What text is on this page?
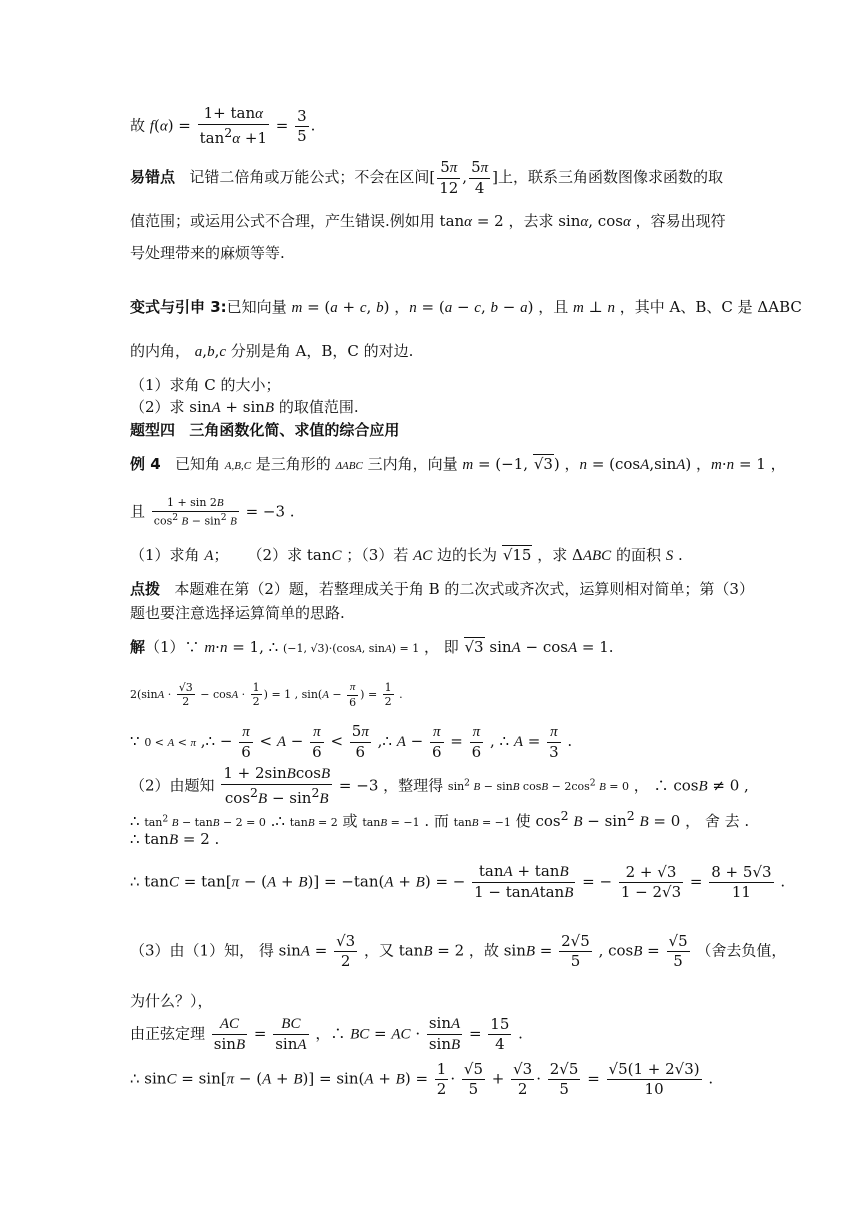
故 $f(\alpha) = \frac{1+ \tan\alpha}{\tan^2\alpha +1} = \frac{3}{5}$ .
易错点   记错二倍角或万能公式；不会在区间[ $\frac{5\pi}{12}$ , $\frac{5\pi}{4}$ ]上，联系三角函数图像求函数的取
值范围；或运用公式不合理，产生错误.例如用 tanα = 2 ，去求 sinα, cosα ，容易出现符
号处理带来的麻烦等等.
变式与引申 3:已知向量 m = (a + c, b) ，n = (a − c, b − a) ，且 m ⊥ n ，其中 A、B、C 是 ΔABC
的内角， a,b,c 分别是角 A，B，C 的对边.
（1）求角 C 的大小；
（2）求 sinA + sinB 的取值范围.
题型四 三角函数化简、求值的综合应用
例 4   已知角 A,B,C 是三角形的 ΔABC 三内角，向量 m = (−1, √3) ，n = (cosA,sinA) ，m·n = 1 ，
且 $\frac{1 + \sin 2B}{\cos^2 B - \sin^2 B} = -3$ .
（1）求角 A；    （2）求 tanC ；（3）若 AC 边的长为 √15 ，求 ΔABC 的面积 S .
点拨 本题难在第（2）题，若整理成关于角 B 的二次式或齐次式，运算则相对简单；第（3）
题也要注意选择运算简单的思路.
解（1）∵ m·n = 1, ∴ (−1, √3)·(cosA, sinA) = 1 ， 即 √3 sinA − cosA = 1.
$2(\sin A \cdot \frac{√3}{2} - \cos A \cdot \frac{1}{2}$ ) = 1 , $\sin(A - \frac{\pi}{6}$ ) = $\frac{1}{2}$ .
∵ 0 < A < π ,∴ − $\frac{\pi}{6} < A - \frac{\pi}{6} < \frac{5\pi}{6}$ ,∴ $A - \frac{\pi}{6} = \frac{\pi}{6}$ , ∴ $A = \frac{\pi}{3}$ .
（2）由题知 $\frac{\text{1 + 2sinBcosB}}{\cos^2B - \sin^2B} = -3$ ，整理得 $\sin^2 B - \sin B$ $\cos B - 2\cos^2$ B = 0 ， ∴ cosB ≠ 0 ,
∴ $\tan^2 B - \tan B - 2 = 0$ .∴ tanB = 2 或 tanB = −1 . 而 tanB = −1 使 $\cos^2 B - \sin^2 B = 0$ ， 舍 去 .
∴ tanB = 2 .
∴ tanC = tan[π − (A + B)] = −tan(A + B) = − $\frac{\tan A + \tan B}{\text{1 − tanAtanB}}$ = − $\frac{2 + √3}{1 - 2√3} = \frac{8 + 5√3}{11}$ .
（3）由（1）知， 得 $\sin A = \frac{√3}{2}$ ，又 tanB = 2 ，故 $\sin B = \frac{2√5}{5}$ , $\cos B = \frac{√5}{5}$ （舍去负值，
为什么？），
由正弦定理 $\frac{AC}{\sin B} = \frac{BC}{\sin A}$ ，∴ BC = AC · $\frac{\sin A}{\sin B} = \frac{15}{4}$ .
∴ $\sin C = \sin[\pi - (A + B)] = \sin(A + B) = \frac{1}{2} \cdot \frac{√5}{5} + \frac{√3}{2} \cdot \frac{2√5}{5} = \frac{√5(1 + 2√3)}{10}$ .
